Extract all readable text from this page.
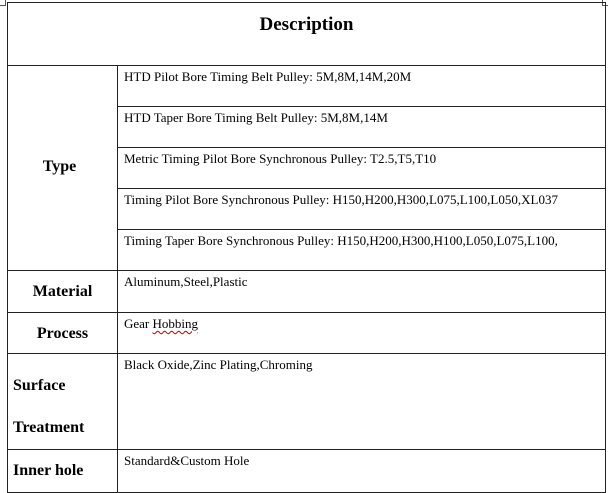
Description	
Type	HTD Pilot Bore Timing Belt Pulley: 5M,8M,14M,20M
	HTD Taper Bore Timing Belt Pulley: 5M,8M,14M
	Metric Timing Pilot Bore Synchronous Pulley: T2.5,T5,T10
	Timing Pilot Bore Synchronous Pulley: H150,H200,H300,L075,L100,L050,XL037
	Timing Taper Bore Synchronous Pulley: H150,H200,H300,H100,L050,L075,L100,
Material	Aluminum,Steel,Plastic
Process	Gear Hobbing

Surface
Treatment	Black Oxide,Zinc Plating,Chroming
Inner hole	Standard&Custom Hole
